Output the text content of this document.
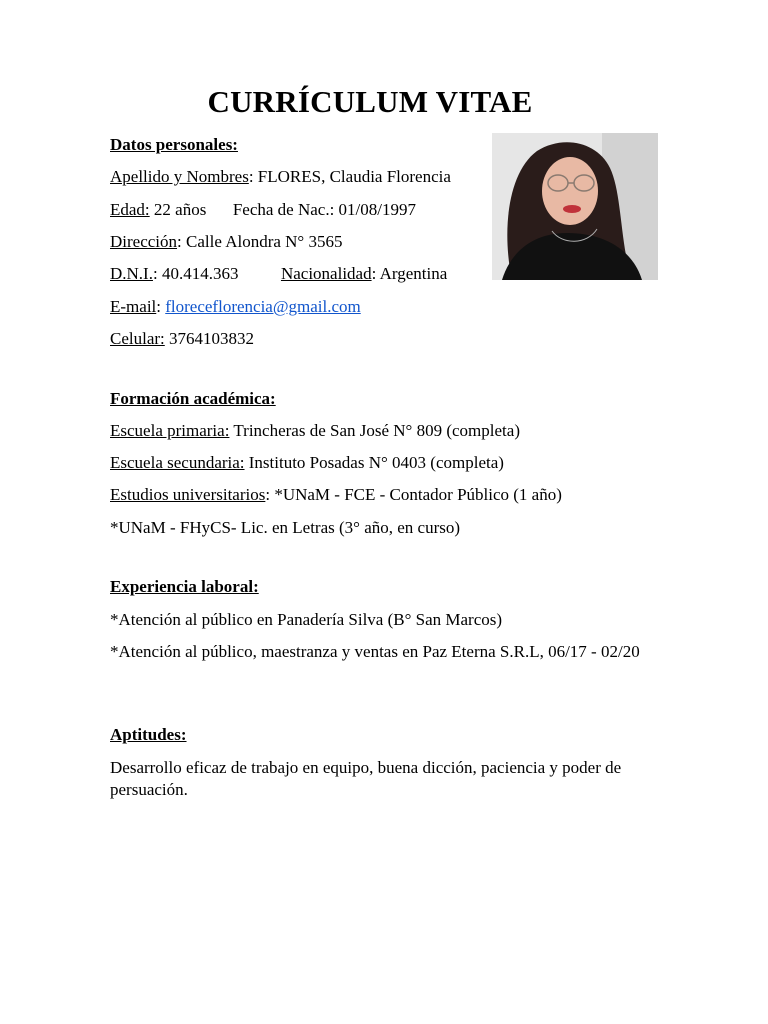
CURRÍCULUM VITAE
Datos personales:
Apellido y Nombres: FLORES, Claudia Florencia
Edad: 22 años Fecha de Nac.: 01/08/1997
Dirección: Calle Alondra N° 3565
D.N.I.: 40.414.363	Nacionalidad: Argentina
E-mail: floreceflorencia@gmail.com
Celular: 3764103832
Formación académica:
Escuela primaria: Trincheras de San José N° 809 (completa)
Escuela secundaria: Instituto Posadas N° 0403 (completa)
Estudios universitarios: *UNaM - FCE - Contador Público (1 año)
*UNaM - FHyCS- Lic. en Letras (3° año, en curso)
Experiencia laboral:
*Atención al público en Panadería Silva (B° San Marcos)
*Atención al público, maestranza y ventas en Paz Eterna S.R.L, 06/17 - 02/20
Aptitudes:
Desarrollo eficaz de trabajo en equipo, buena dicción, paciencia y poder de persuación.
